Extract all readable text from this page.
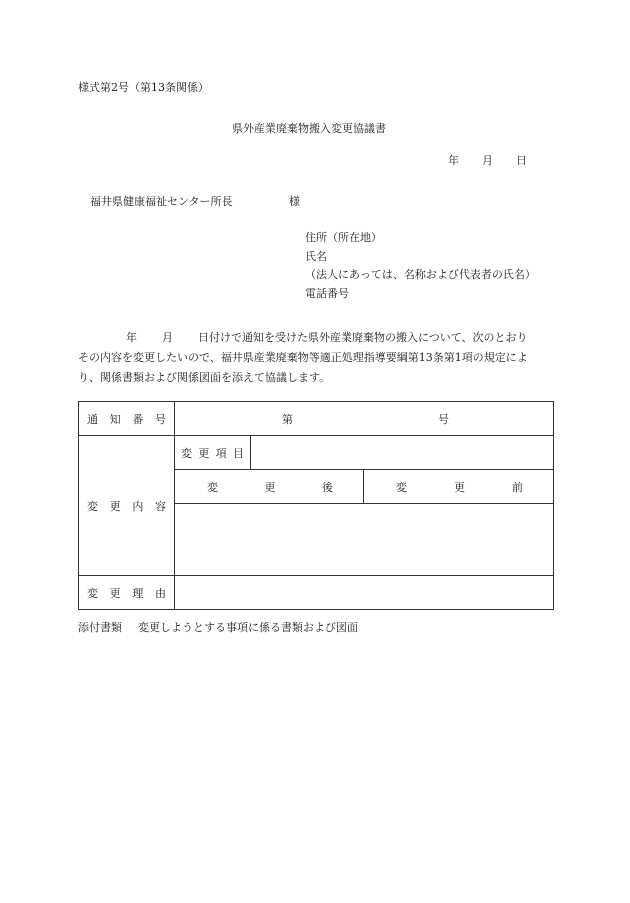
様式第2号（第13条関係）
県外産業廃棄物搬入変更協議書
年 月 日
福井県健康福祉センター所長	様
住所（所在地）
氏名
（法人にあっては、名称および代表者の氏名）
電話番号
年 月 日付けで通知を受けた県外産業廃棄物の搬入について、次のとおり
その内容を変更したいので、福井県産業廃棄物等適正処理指導要綱第13条第1項の規定によ
り、関係書類および関係図面を添えて協議します。
通 知 番 号	第 号		

変 更 内 容	変 更 項 目		

	変 更 後		変 更 前

変 更 理 由			

添付書類 変更しようとする事項に係る書類および図面
